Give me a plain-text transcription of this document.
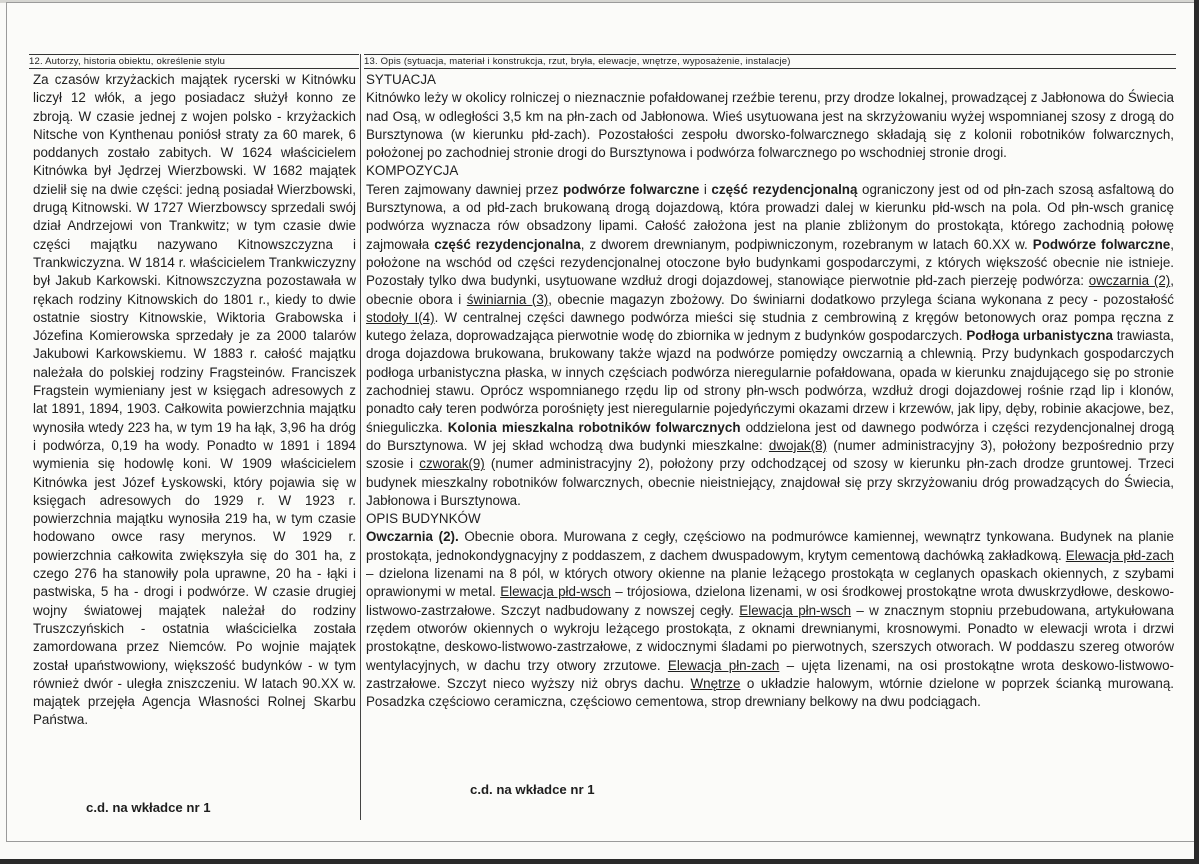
12. Autorzy, historia obiektu, określenie stylu	13. Opis (sytuacja, materiał i konstrukcja, rzut, bryła, elewacje, wnętrze, wyposażenie, instalacje)

Za czasów krzyżackich majątek rycerski w Kitnówku liczył 12 włók, a jego posiadacz służył konno ze zbroją. W czasie jednej z wojen polsko - krzyżackich Nitsche von Kynthenau poniósł straty za 60 marek, 6 poddanych zostało zabitych. W 1624 właścicielem Kitnówka był Jędrzej Wierzbowski. W 1682 majątek dzielił się na dwie części: jedną posiadał Wierzbowski, drugą Kitnowski. W 1727 Wierzbowscy sprzedali swój dział Andrzejowi von Trankwitz; w tym czasie dwie części majątku nazywano Kitnowszczyzna i Trankwiczyzna. W 1814 r. właścicielem Trankwiczyzny był Jakub Karkowski. Kitnowszczyzna pozostawała w rękach rodziny Kitnowskich do 1801 r., kiedy to dwie ostatnie siostry Kitnowskie, Wiktoria Grabowska i Józefina Komierowska sprzedały je za 2000 talarów Jakubowi Karkowskiemu. W 1883 r. całość majątku należała do polskiej rodziny Fragsteinów. Franciszek Fragstein wymieniany jest w księgach adresowych z lat 1891, 1894, 1903. Całkowita powierzchnia majątku wynosiła wtedy 223 ha, w tym 19 ha łąk, 3,96 ha dróg i podwórza, 0,19 ha wody. Ponadto w 1891 i 1894 wymienia się hodowlę koni. W 1909 właścicielem Kitnówka jest Józef Łyskowski, który pojawia się w księgach adresowych do 1929 r. W 1923 r. powierzchnia majątku wynosiła 219 ha, w tym czasie hodowano owce rasy merynos. W 1929 r. powierzchnia całkowita zwiększyła się do 301 ha, z czego 276 ha stanowiły pola uprawne, 20 ha - łąki i pastwiska, 5 ha - drogi i podwórze. W czasie drugiej wojny światowej majątek należał do rodziny Truszczyńskich - ostatnia właścicielka została zamordowana przez Niemców. Po wojnie majątek został upaństwowiony, większość budynków - w tym również dwór - uległa zniszczeniu. W latach 90.XX w. majątek przejęła Agencja Własności Rolnej Skarbu Państwa.

c.d. na wkładce nr 1

SYTUACJA

Kitnówko leży w okolicy rolniczej o nieznacznie pofałdowanej rzeźbie terenu, przy drodze lokalnej, prowadzącej z Jabłonowa do Świecia nad Osą, w odległości 3,5 km na płn-zach od Jabłonowa. Wieś usytuowana jest na skrzyżowaniu wyżej wspomnianej szosy z drogą do Bursztynowa (w kierunku płd-zach). Pozostałości zespołu dworsko-folwarcznego składają się z kolonii robotników folwarcznych, położonej po zachodniej stronie drogi do Bursztynowa i podwórza folwarcznego po wschodniej stronie drogi.

KOMPOZYCJA

Teren zajmowany dawniej przez podwórze folwarczne i część rezydencjonalną ograniczony jest od od płn-zach szosą asfaltową do Bursztynowa, a od płd-zach brukowaną drogą dojazdową, która prowadzi dalej w kierunku płd-wsch na pola. Od płn-wsch granicę podwórza wyznacza rów obsadzony lipami. Całość założona jest na planie zbliżonym do prostokąta, którego zachodnią połowę zajmowała część rezydencjonalna, z dworem drewnianym, podpiwniczonym, rozebranym w latach 60.XX w. Podwórze folwarczne, położone na wschód od części rezydencjonalnej otoczone było budynkami gospodarczymi, z których większość obecnie nie istnieje. Pozostały tylko dwa budynki, usytuowane wzdłuż drogi dojazdowej, stanowiące pierwotnie płd-zach pierzeję podwórza: owczarnia (2), obecnie obora i świniarnia (3), obecnie magazyn zbożowy. Do świniarni dodatkowo przylega ściana wykonana z pecy - pozostałość stodoły I(4). W centralnej części dawnego podwórza mieści się studnia z cembrowiną z kręgów betonowych oraz pompa ręczna z kutego żelaza, doprowadzająca pierwotnie wodę do zbiornika w jednym z budynków gospodarczych. Podłoga urbanistyczna trawiasta, droga dojazdowa brukowana, brukowany także wjazd na podwórze pomiędzy owczarnią a chlewnią. Przy budynkach gospodarczych podłoga urbanistyczna płaska, w innych częściach podwórza nieregularnie pofałdowana, opada w kierunku znajdującego się po stronie zachodniej stawu. Oprócz wspomnianego rzędu lip od strony płn-wsch podwórza, wzdłuż drogi dojazdowej rośnie rząd lip i klonów, ponadto cały teren podwórza porośnięty jest nieregularnie pojedyńczymi okazami drzew i krzewów, jak lipy, dęby, robinie akacjowe, bez, śnieguliczka. Kolonia mieszkalna robotników folwarcznych oddzielona jest od dawnego podwórza i części rezydencjonalnej drogą do Bursztynowa. W jej skład wchodzą dwa budynki mieszkalne: dwojak(8) (numer administracyjny 3), położony bezpośrednio przy szosie i czworak(9) (numer administracyjny 2), położony przy odchodzącej od szosy w kierunku płn-zach drodze gruntowej. Trzeci budynek mieszkalny robotników folwarcznych, obecnie nieistniejący, znajdował się przy skrzyżowaniu dróg prowadzących do Świecia, Jabłonowa i Bursztynowa.

OPIS BUDYNKÓW

Owczarnia (2). Obecnie obora. Murowana z cegły, częściowo na podmurówce kamiennej, wewnątrz tynkowana. Budynek na planie prostokąta, jednokondygnacyjny z poddaszem, z dachem dwuspadowym, krytym cementową dachówką zakładkową. Elewacja płd-zach – dzielona lizenami na 8 pól, w których otwory okienne na planie leżącego prostokąta w ceglanych opaskach okiennych, z szybami oprawionymi w metal. Elewacja płd-wsch – trójosiowa, dzielona lizenami, w osi środkowej prostokątne wrota dwuskrzydłowe, deskowo-listwowo-zastrzałowe. Szczyt nadbudowany z nowszej cegły. Elewacja płn-wsch – w znacznym stopniu przebudowana, artykułowana rzędem otworów okiennych o wykroju leżącego prostokąta, z oknami drewnianymi, krosnowymi. Ponadto w elewacji wrota i drzwi prostokątne, deskowo-listwowo-zastrzałowe, z widocznymi śladami po pierwotnych, szerszych otworach. W poddaszu szereg otworów wentylacyjnych, w dachu trzy otwory zrzutowe. Elewacja płn-zach – ujęta lizenami, na osi prostokątne wrota deskowo-listwowo-zastrzałowe. Szczyt nieco wyższy niż obrys dachu. Wnętrze o układzie halowym, wtórnie dzielone w poprzek ścianką murowaną. Posadzka częściowo ceramiczna, częściowo cementowa, strop drewniany belkowy na dwu podciągach.

c.d. na wkładce nr 1
